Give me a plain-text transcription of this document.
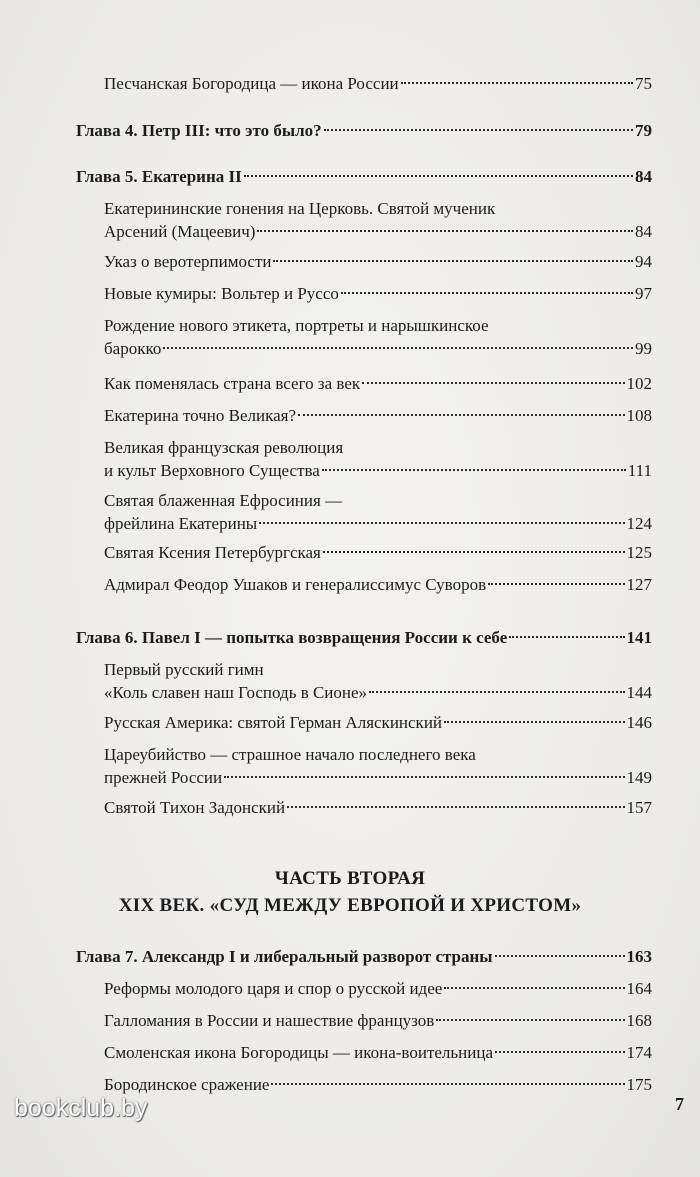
Песчанская Богородица — икона России	75
Глава 4. Петр III: что это было?	79
Глава 5. Екатерина II	84
Екатерининские гонения на Церковь. Святой мученик
Арсений (Мацеевич)	84
Указ о веротерпимости	94
Новые кумиры: Вольтер и Руссо	97
Рождение нового этикета, портреты и нарышкинское
барокко	99
Как поменялась страна всего за век	102
Екатерина точно Великая?	108
Великая французская революция
и культ Верховного Существа	111
Святая блаженная Ефросиния —
фрейлина Екатерины	124
Святая Ксения Петербургская	125
Адмирал Феодор Ушаков и генералиссимус Суворов	127
Глава 6. Павел I — попытка возвращения России к себе	141
Первый русский гимн
«Коль славен наш Господь в Сионе»	144
Русская Америка: святой Герман Аляскинский	146
Цареубийство — страшное начало последнего века
прежней России	149
Святой Тихон Задонский	157
Глава 7. Александр I и либеральный разворот страны	163
Реформы молодого царя и спор о русской идее	164
Галломания в России и нашествие французов	168
Смоленская икона Богородицы — икона-воительница	174
Бородинское сражение	175
ЧАСТЬ ВТОРАЯ
XIX ВЕК. «СУД МЕЖДУ ЕВРОПОЙ И ХРИСТОМ»
bookclub.by	7
